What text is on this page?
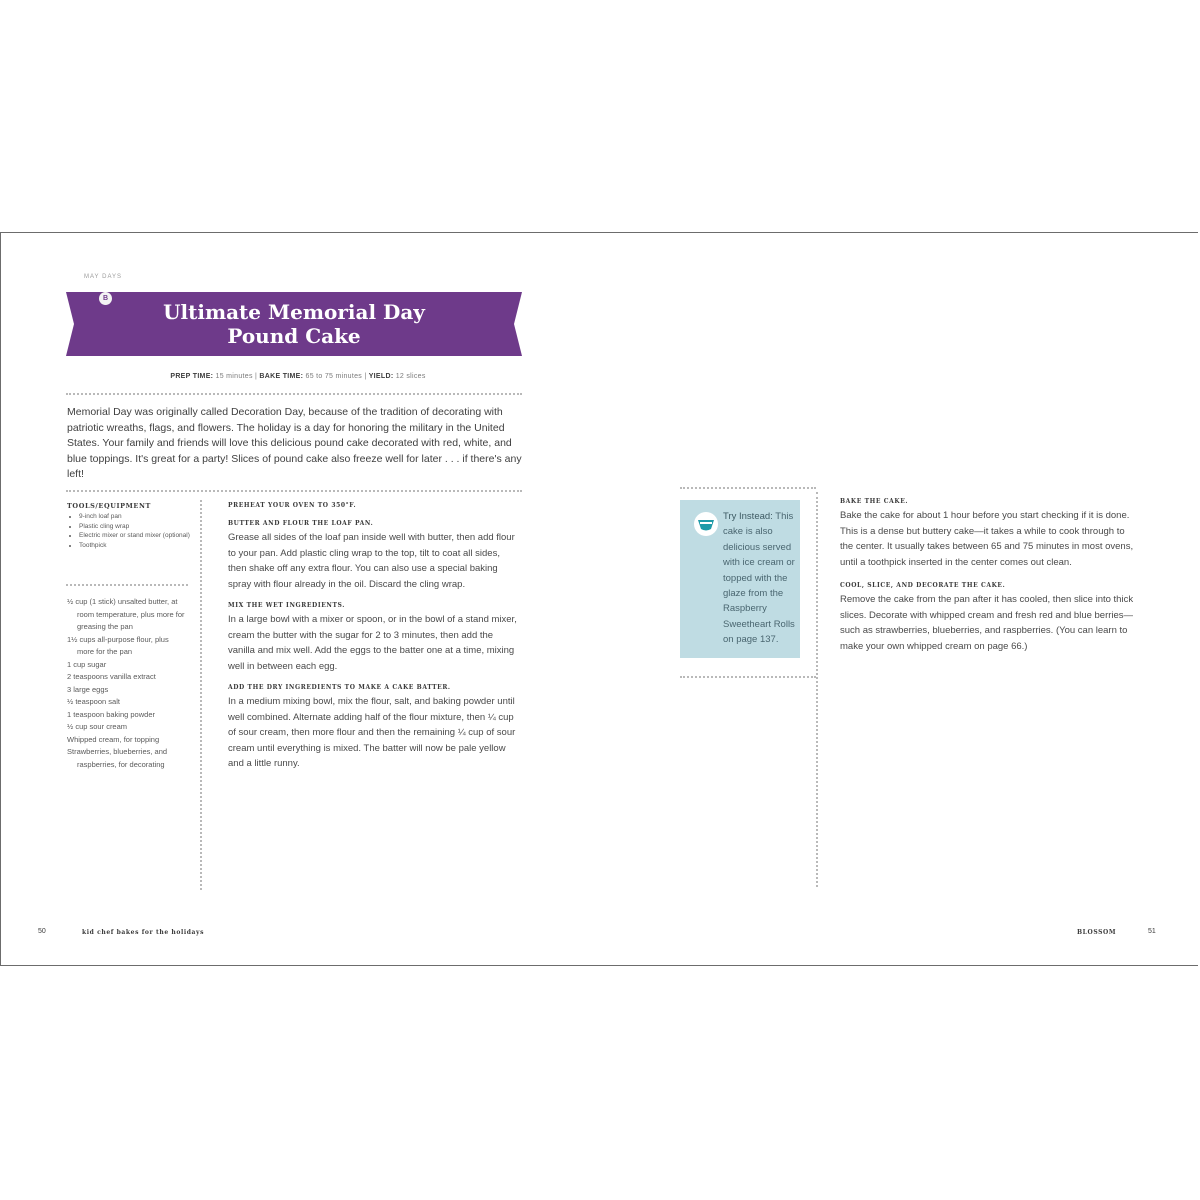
MAY DAYS
B
Ultimate Memorial Day
Pound Cake
PREP TIME: 15 minutes | BAKE TIME: 65 to 75 minutes | YIELD: 12 slices
Memorial Day was originally called Decoration Day, because of the tradition of decorating with patriotic wreaths, flags, and flowers. The holiday is a day for honoring the military in the United States. Your family and friends will love this delicious pound cake decorated with red, white, and blue toppings. It's great for a party! Slices of pound cake also freeze well for later . . . if there's any left!
TOOLS/EQUIPMENT
• 9-inch loaf pan
• Plastic cling wrap
• Electric mixer or stand mixer (optional)
• Toothpick
½ cup (1 stick) unsalted butter, at room temperature, plus more for greasing the pan
1½ cups all-purpose flour, plus more for the pan
1 cup sugar
2 teaspoons vanilla extract
3 large eggs
½ teaspoon salt
1 teaspoon baking powder
½ cup sour cream
Whipped cream, for topping
Strawberries, blueberries, and raspberries, for decorating
PREHEAT YOUR OVEN TO 350°F.
BUTTER AND FLOUR THE LOAF PAN.
Grease all sides of the loaf pan inside well with butter, then add flour to your pan. Add plastic cling wrap to the top, tilt to coat all sides, then shake off any extra flour. You can also use a special baking spray with flour already in the oil. Discard the cling wrap.
MIX THE WET INGREDIENTS.
In a large bowl with a mixer or spoon, or in the bowl of a stand mixer, cream the butter with the sugar for 2 to 3 minutes, then add the vanilla and mix well. Add the eggs to the batter one at a time, mixing well in between each egg.
ADD THE DRY INGREDIENTS TO MAKE A CAKE BATTER.
In a medium mixing bowl, mix the flour, salt, and baking powder until well combined. Alternate adding half of the flour mixture, then ¼ cup of sour cream, then more flour and then the remaining ¼ cup of sour cream until everything is mixed. The batter will now be pale yellow and a little runny.
50	kid chef bakes for the holidays
Try Instead: This cake is also delicious served with ice cream or topped with the glaze from the Raspberry Sweetheart Rolls on page 137.
BAKE THE CAKE.
Bake the cake for about 1 hour before you start checking if it is done. This is a dense but buttery cake—it takes a while to cook through to the center. It usually takes between 65 and 75 minutes in most ovens, until a toothpick inserted in the center comes out clean.
COOL, SLICE, AND DECORATE THE CAKE.
Remove the cake from the pan after it has cooled, then slice into thick slices. Decorate with whipped cream and fresh red and blue berries—such as strawberries, blueberries, and raspberries. (You can learn to make your own whipped cream on page 66.)
BLOSSOM	51
